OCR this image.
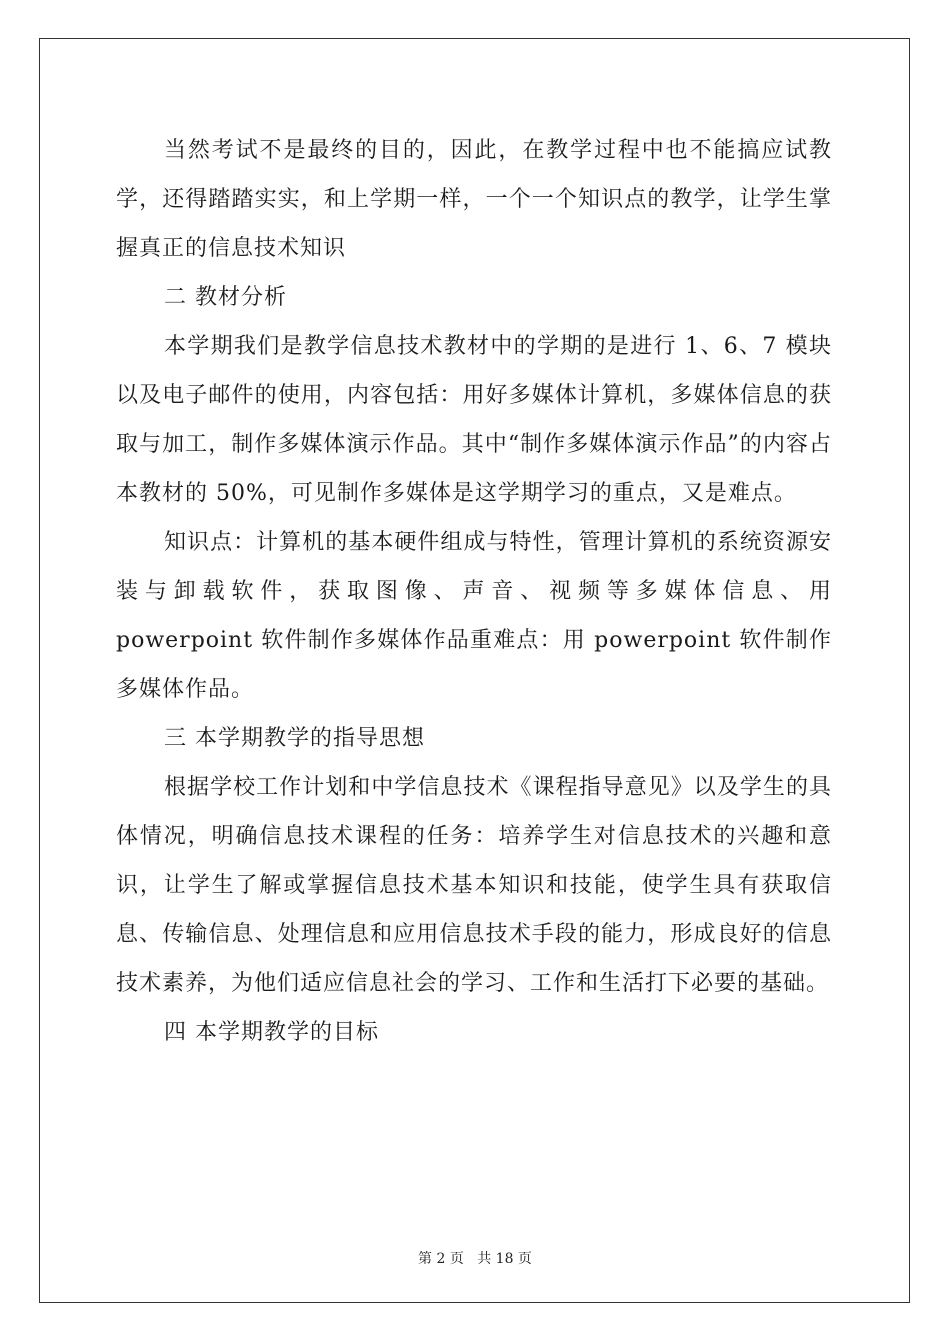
当然考试不是最终的目的，因此，在教学过程中也不能搞应试教学，还得踏踏实实，和上学期一样，一个一个知识点的教学，让学生掌握真正的信息技术知识

二 教材分析

本学期我们是教学信息技术教材中的学期的是进行 1、6、7 模块以及电子邮件的使用，内容包括：用好多媒体计算机，多媒体信息的获取与加工，制作多媒体演示作品。其中“制作多媒体演示作品”的内容占本教材的 50%，可见制作多媒体是这学期学习的重点，又是难点。

知识点：计算机的基本硬件组成与特性，管理计算机的系统资源安装与卸载软件，获取图像、声音、视频等多媒体信息、用 powerpoint 软件制作多媒体作品重难点：用 powerpoint 软件制作多媒体作品。

三 本学期教学的指导思想

根据学校工作计划和中学信息技术《课程指导意见》以及学生的具体情况，明确信息技术课程的任务：培养学生对信息技术的兴趣和意识，让学生了解或掌握信息技术基本知识和技能，使学生具有获取信息、传输信息、处理信息和应用信息技术手段的能力，形成良好的信息技术素养，为他们适应信息社会的学习、工作和生活打下必要的基础。

四 本学期教学的目标

第 2 页 共 18 页
